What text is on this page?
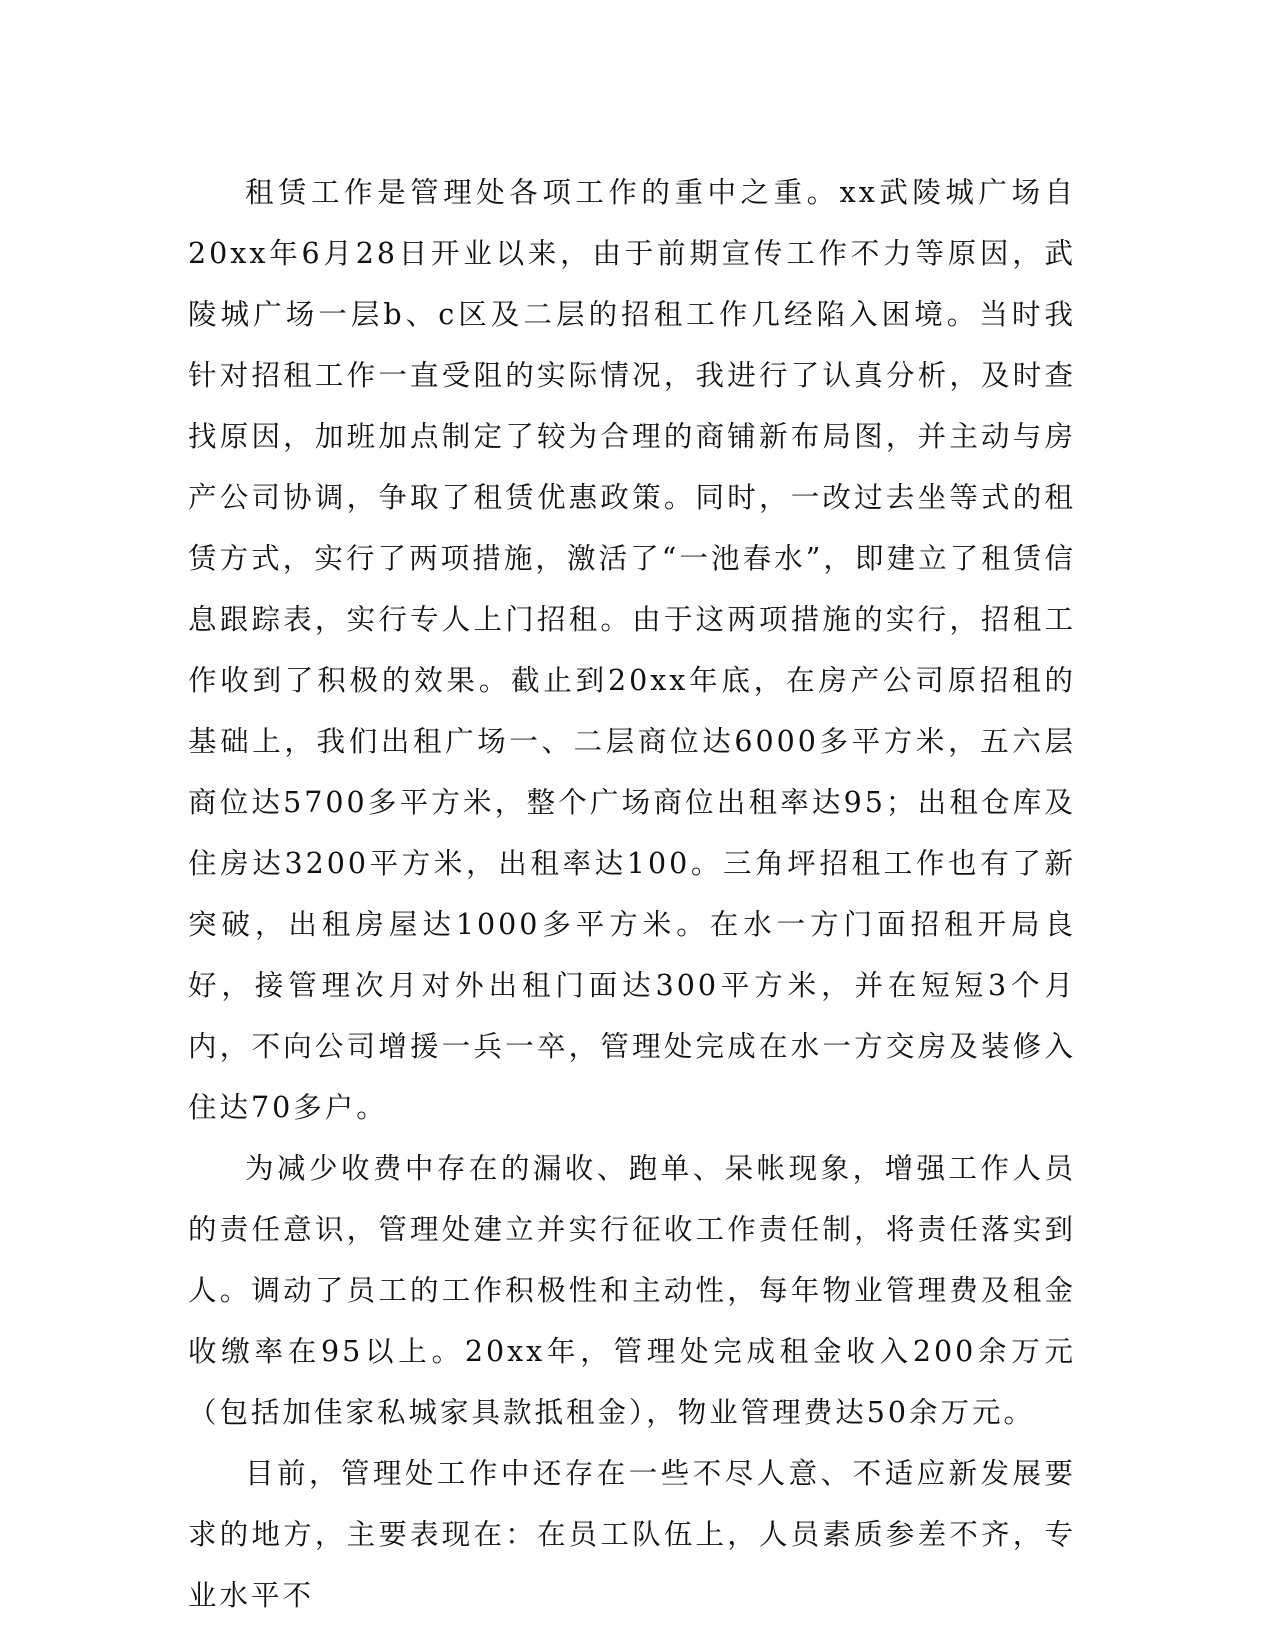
租赁工作是管理处各项工作的重中之重。xx武陵城广场自20xx年6月28日开业以来，由于前期宣传工作不力等原因，武陵城广场一层b、c区及二层的招租工作几经陷入困境。当时我针对招租工作一直受阻的实际情况，我进行了认真分析，及时查找原因，加班加点制定了较为合理的商铺新布局图，并主动与房产公司协调，争取了租赁优惠政策。同时，一改过去坐等式的租赁方式，实行了两项措施，激活了“一池春水”，即建立了租赁信息跟踪表，实行专人上门招租。由于这两项措施的实行，招租工作收到了积极的效果。截止到20xx年底，在房产公司原招租的基础上，我们出租广场一、二层商位达6000多平方米，五六层商位达5700多平方米，整个广场商位出租率达95；出租仓库及住房达3200平方米，出租率达100。三角坪招租工作也有了新突破，出租房屋达1000多平方米。在水一方门面招租开局良好，接管理次月对外出租门面达300平方米，并在短短3个月内，不向公司增援一兵一卒，管理处完成在水一方交房及装修入住达70多户。

为减少收费中存在的漏收、跑单、呆帐现象，增强工作人员的责任意识，管理处建立并实行征收工作责任制，将责任落实到人。调动了员工的工作积极性和主动性，每年物业管理费及租金收缴率在95以上。20xx年，管理处完成租金收入200余万元（包括加佳家私城家具款抵租金），物业管理费达50余万元。

目前，管理处工作中还存在一些不尽人意、不适应新发展要求的地方，主要表现在：在员工队伍上，人员素质参差不齐，专业水平不
